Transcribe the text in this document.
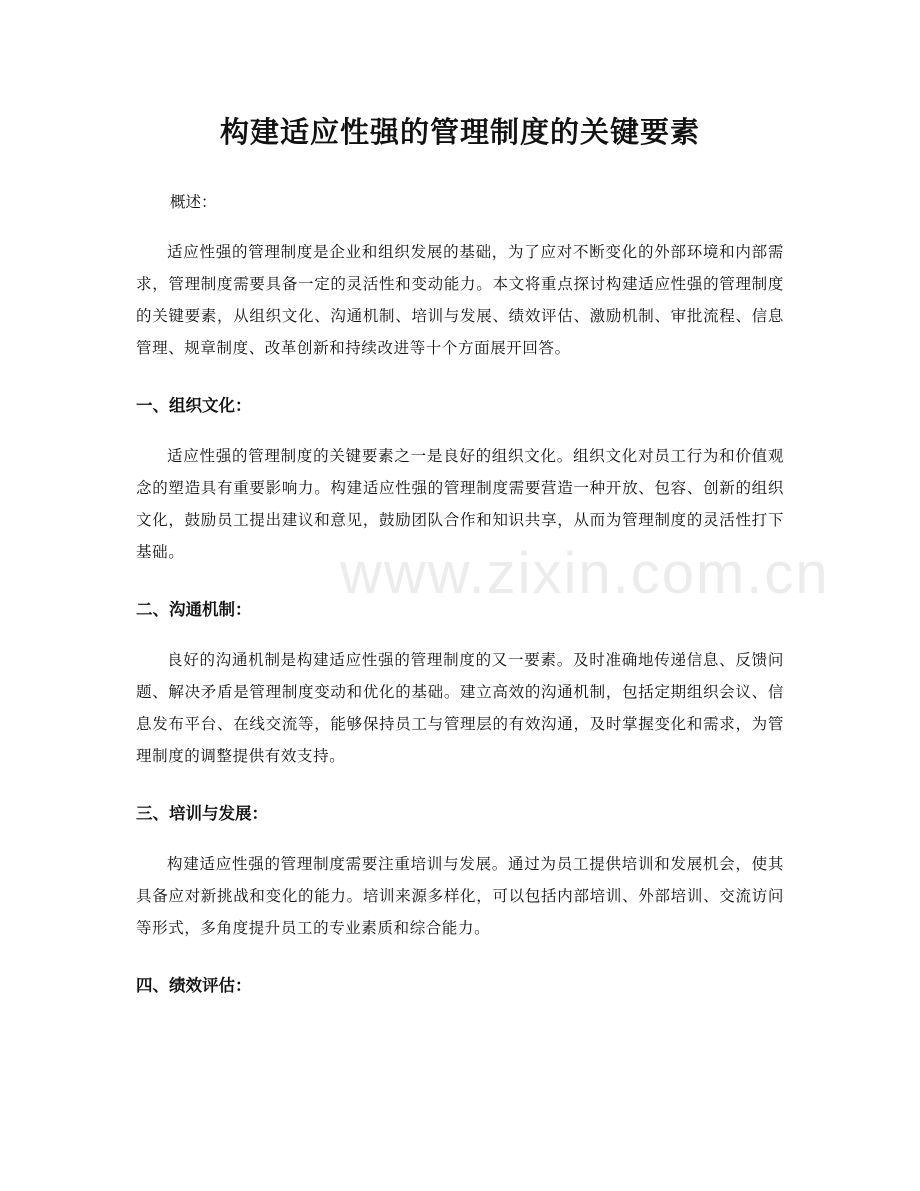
构建适应性强的管理制度的关键要素
概述：

适应性强的管理制度是企业和组织发展的基础，为了应对不断变化的外部环境和内部需求，管理制度需要具备一定的灵活性和变动能力。本文将重点探讨构建适应性强的管理制度的关键要素，从组织文化、沟通机制、培训与发展、绩效评估、激励机制、审批流程、信息管理、规章制度、改革创新和持续改进等十个方面展开回答。

一、组织文化：

适应性强的管理制度的关键要素之一是良好的组织文化。组织文化对员工行为和价值观念的塑造具有重要影响力。构建适应性强的管理制度需要营造一种开放、包容、创新的组织文化，鼓励员工提出建议和意见，鼓励团队合作和知识共享，从而为管理制度的灵活性打下基础。

二、沟通机制：

良好的沟通机制是构建适应性强的管理制度的又一要素。及时准确地传递信息、反馈问题、解决矛盾是管理制度变动和优化的基础。建立高效的沟通机制，包括定期组织会议、信息发布平台、在线交流等，能够保持员工与管理层的有效沟通，及时掌握变化和需求，为管理制度的调整提供有效支持。

三、培训与发展：

构建适应性强的管理制度需要注重培训与发展。通过为员工提供培训和发展机会，使其具备应对新挑战和变化的能力。培训来源多样化，可以包括内部培训、外部培训、交流访问等形式，多角度提升员工的专业素质和综合能力。

四、绩效评估：
www.zixin.com.cn
